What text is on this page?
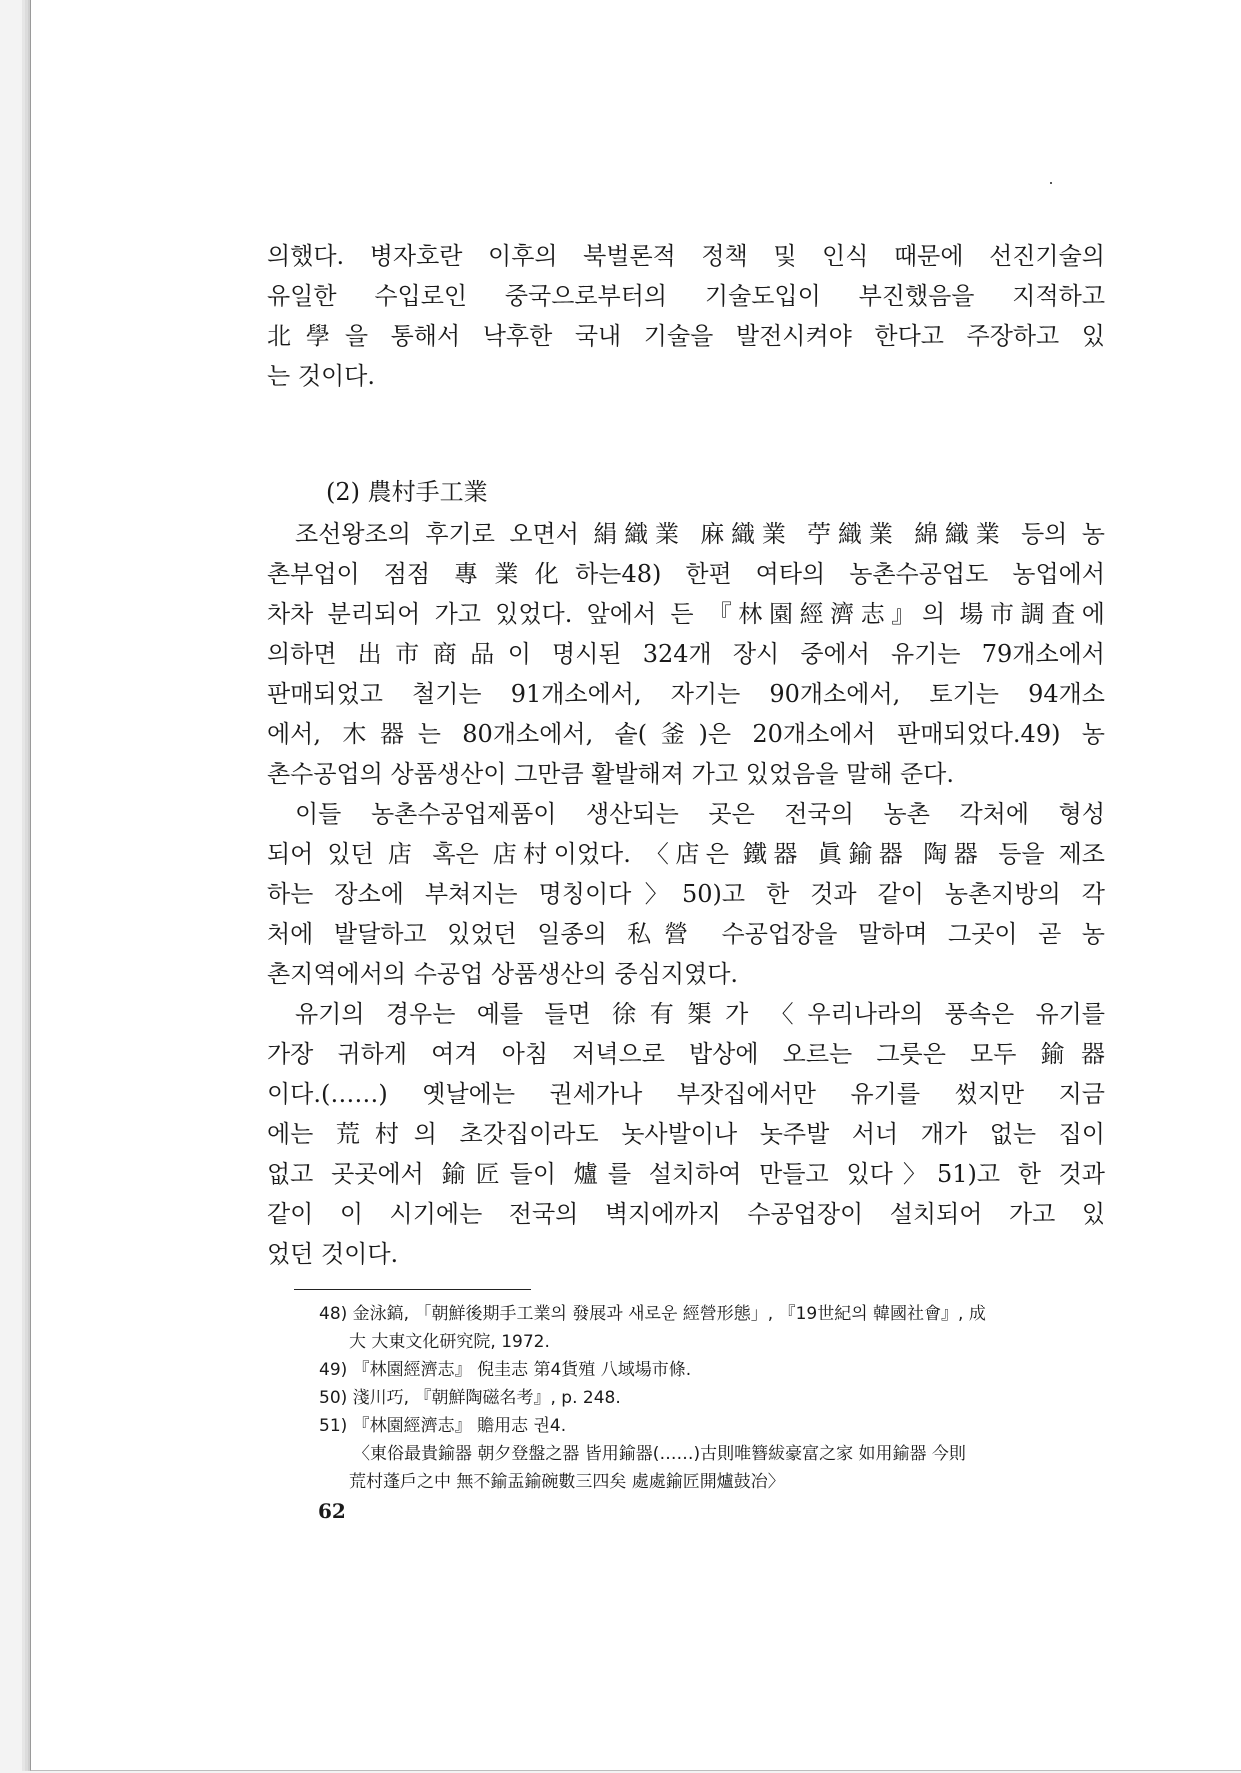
의했다. 병자호란 이후의 북벌론적 정책 및 인식 때문에 선진기술의
유일한 수입로인 중국으로부터의 기술도입이 부진했음을 지적하고
北學을 통해서 낙후한 국내 기술을 발전시켜야 한다고 주장하고 있
는 것이다.
(2) 農村手工業
조선왕조의 후기로 오면서 絹織業 麻織業 苧織業 綿織業 등의 농
촌부업이 점점 專業化하는48) 한편 여타의 농촌수공업도 농업에서
차차 분리되어 가고 있었다. 앞에서 든 『林園經濟志』의 場市調査에
의하면 出市商品이 명시된 324개 장시 중에서 유기는 79개소에서
판매되었고 철기는 91개소에서, 자기는 90개소에서, 토기는 94개소
에서, 木器는 80개소에서, 솥(釜)은 20개소에서 판매되었다.49) 농
촌수공업의 상품생산이 그만큼 활발해져 가고 있었음을 말해 준다.
이들 농촌수공업제품이 생산되는 곳은 전국의 농촌 각처에 형성
되어 있던 店 혹은 店村이었다. 〈店은 鐵器 眞鍮器 陶器 등을 제조
하는 장소에 부쳐지는 명칭이다〉50)고 한 것과 같이 농촌지방의 각
처에 발달하고 있었던 일종의 私營 수공업장을 말하며 그곳이 곧 농
촌지역에서의 수공업 상품생산의 중심지였다.
유기의 경우는 예를 들면 徐有榘가 〈우리나라의 풍속은 유기를
가장 귀하게 여겨 아침 저녁으로 밥상에 오르는 그릇은 모두 鍮器
이다.(……) 옛날에는 권세가나 부잣집에서만 유기를 썼지만 지금
에는 荒村의 초갓집이라도 놋사발이나 놋주발 서너 개가 없는 집이
없고 곳곳에서 鍮匠들이 爐를 설치하여 만들고 있다〉51)고 한 것과
같이 이 시기에는 전국의 벽지에까지 수공업장이 설치되어 가고 있
었던 것이다.
48) 金泳鎬, 「朝鮮後期手工業의 發展과 새로운 經營形態」, 『19世紀의 韓國社會』, 成
大 大東文化研究院, 1972.
49) 『林園經濟志』 倪圭志 第4貨殖 八域場市條.
50) 淺川巧, 『朝鮮陶磁名考』, p. 248.
51) 『林園經濟志』 贍用志 권4.
〈東俗最貴鍮器 朝夕登盤之器 皆用鍮器(……)古則唯簪紱豪富之家 如用鍮器 今則
荒村蓬戶之中 無不鍮盂鍮碗數三四矣 處處鍮匠開爐鼓冶〉
62
